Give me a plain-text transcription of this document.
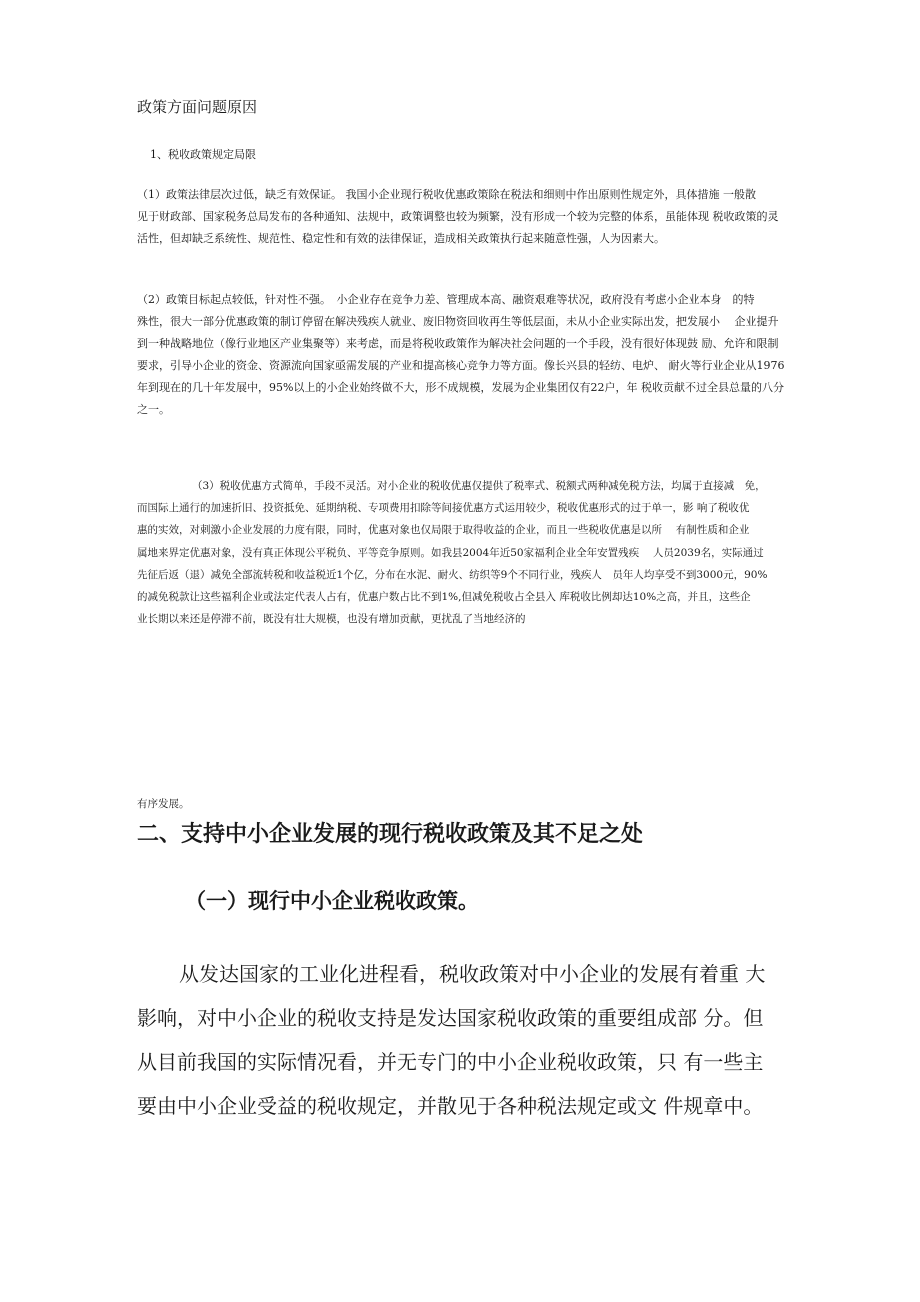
政策方面问题原因
1、税收政策规定局限
（1）政策法律层次过低，缺乏有效保证。 我国小企业现行税收优惠政策除在税法和细则中作出原则性规定外，具体措施 一般散
见于财政部、国家税务总局发布的各种通知、法规中，政策调整也较为频繁，没有形成一个较为完整的体系，虽能体现 税收政策的灵
活性，但却缺乏系统性、规范性、稳定性和有效的法律保证，造成相关政策执行起来随意性强，人为因素大。
（2）政策目标起点较低，针对性不强。　小企业存在竞争力差、管理成本高、融资艰难等状况，政府没有考虑小企业本身　的特
殊性，很大一部分优惠政策的制订停留在解决残疾人就业、废旧物资回收再生等低层面，未从小企业实际出发，把发展小　 企业提升
到一种战略地位（像行业地区产业集聚等）来考虑，而是将税收政策作为解决社会问题的一个手段，没有很好体现鼓 励、允许和限制
要求，引导小企业的资金、资源流向国家亟需发展的产业和提高核心竞争力等方面。像长兴县的轻纺、电炉、 耐火等行业企业从1976
年到现在的几十年发展中，95%以上的小企业始终做不大，形不成规模，发展为企业集团仅有22户，年 税收贡献不过全县总量的八分
之一。
（3）税收优惠方式简单，手段不灵活。对小企业的税收优惠仅提供了税率式、税额式两种减免税方法，均属于直接减　免，
而国际上通行的加速折旧、投资抵免、延期纳税、专项费用扣除等间接优惠方式运用较少，税收优惠形式的过于单一，影 响了税收优
惠的实效，对刺激小企业发展的力度有限，同时，优惠对象也仅局限于取得收益的企业，而且一些税收优惠是以所　 有制性质和企业
属地来界定优惠对象，没有真正体现公平税负、平等竞争原则。如我县2004年近50家福利企业全年安置残疾　 人员2039名，实际通过
先征后返（退）减免全部流转税和收益税近1个亿，分布在水泥、耐火、纺织等9个不同行业，残疾人　员年人均享受不到3000元，90%
的减免税款让这些福利企业或法定代表人占有，优惠户数占比不到1%,但减免税收占全县入 库税收比例却达10%之高，并且，这些企
业长期以来还是停滞不前，既没有壮大规模，也没有增加贡献，更扰乱了当地经济的
有序发展。
二、支持中小企业发展的现行税收政策及其不足之处
（一）现行中小企业税收政策。
从发达国家的工业化进程看，税收政策对中小企业的发展有着重 大
影响，对中小企业的税收支持是发达国家税收政策的重要组成部 分。但
从目前我国的实际情况看，并无专门的中小企业税收政策，只 有一些主
要由中小企业受益的税收规定，并散见于各种税法规定或文 件规章中。
